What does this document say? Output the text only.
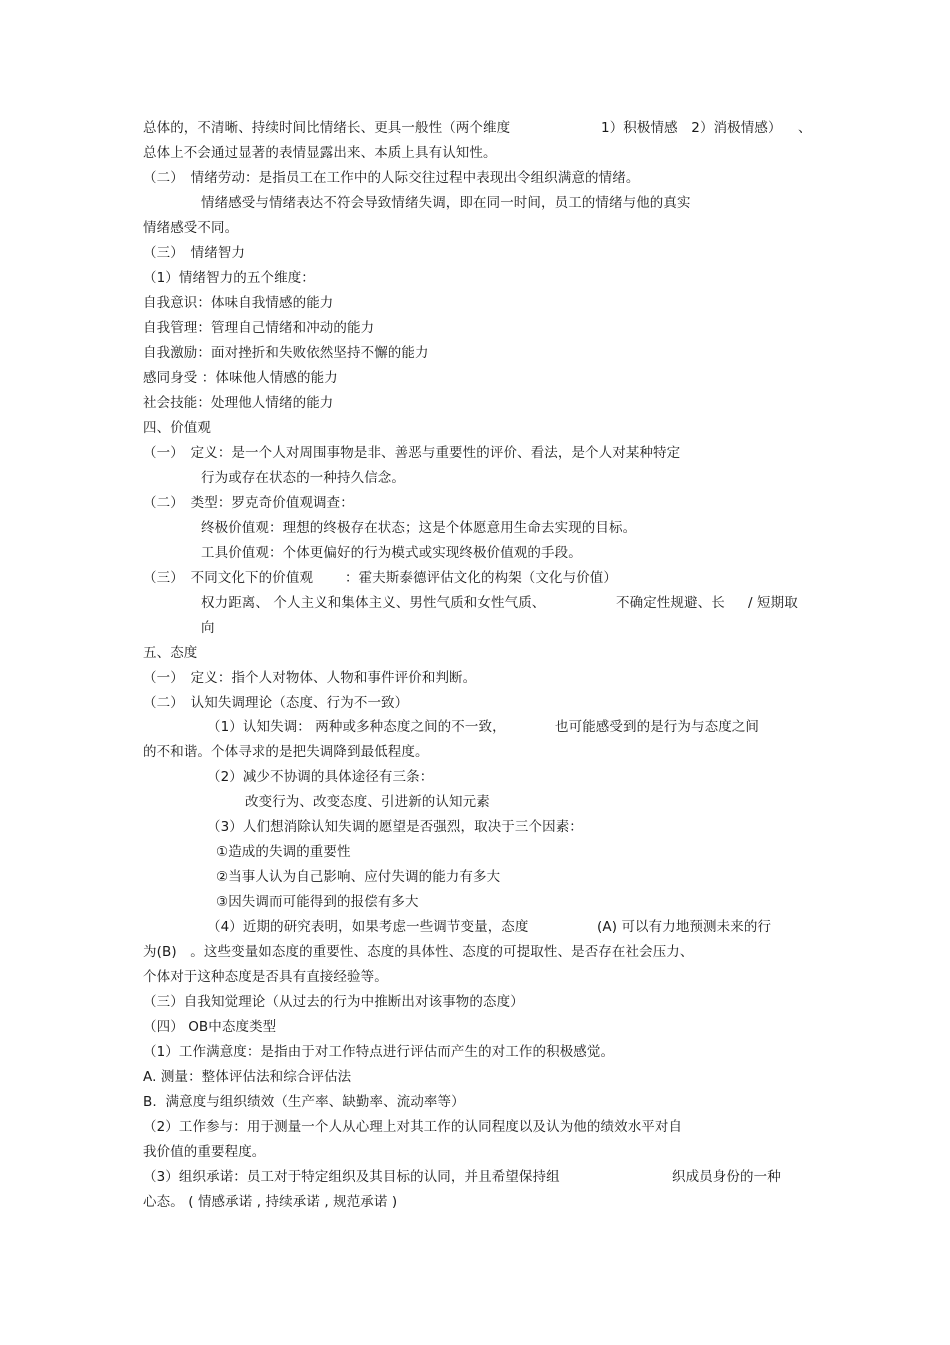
总体的，不清晰、持续时间比情绪长、更具一般性（两个维度	1）积极情感　2）消极情感） 、
总体上不会通过显著的表情显露出来、本质上具有认知性。
（二）　情绪劳动：是指员工在工作中的人际交往过程中表现出令组织满意的情绪。
情绪感受与情绪表达不符会导致情绪失调，即在同一时间，员工的情绪与他的真实
情绪感受不同。
（三）　情绪智力
（1）情绪智力的五个维度：
自我意识：体味自我情感的能力
自我管理：管理自己情绪和冲动的能力
自我激励：面对挫折和失败依然坚持不懈的能力
感同身受 ：体味他人情感的能力
社会技能：处理他人情绪的能力
四、价值观
（一）　定义：是一个人对周围事物是非、善恶与重要性的评价、看法，是个人对某种特定
行为或存在状态的一种持久信念。
（二）　类型：罗克奇价值观调查：
终极价值观：理想的终极存在状态；这是个体愿意用生命去实现的目标。
工具价值观：个体更偏好的行为模式或实现终极价值观的手段。
（三）　不同文化下的价值观 ：霍夫斯泰德评估文化的构架（文化与价值）
权力距离、 个人主义和集体主义、男性气质和女性气质、	不确定性规避、长 / 短期取
向
五、态度
（一）　定义：指个人对物体、人物和事件评价和判断。
（二）　认知失调理论（态度、行为不一致）
（1）认知失调： 两种或多种态度之间的不一致，	也可能感受到的是行为与态度之间
的不和谐。个体寻求的是把失调降到最低程度。
（2）减少不协调的具体途径有三条：
改变行为、改变态度、引进新的认知元素
（3）人们想消除认知失调的愿望是否强烈，取决于三个因素：
①造成的失调的重要性
②当事人认为自己影响、应付失调的能力有多大
③因失调而可能得到的报偿有多大
（4）近期的研究表明，如果考虑一些调节变量，态度	(A) 可以有力地预测未来的行
为(B)　。这些变量如态度的重要性、态度的具体性、态度的可提取性、是否存在社会压力、
个体对于这种态度是否具有直接经验等。
（三）自我知觉理论（从过去的行为中推断出对该事物的态度）
（四） OB中态度类型
（1）工作满意度：是指由于对工作特点进行评估而产生的对工作的积极感觉。
A. 测量：整体评估法和综合评估法
B.  满意度与组织绩效（生产率、缺勤率、流动率等）
（2）工作参与：用于测量一个人从心理上对其工作的认同程度以及认为他的绩效水平对自
我价值的重要程度。
（3）组织承诺：员工对于特定组织及其目标的认同，并且希望保持组	织成员身份的一种
心态。 ( 情感承诺 , 持续承诺 , 规范承诺 )
